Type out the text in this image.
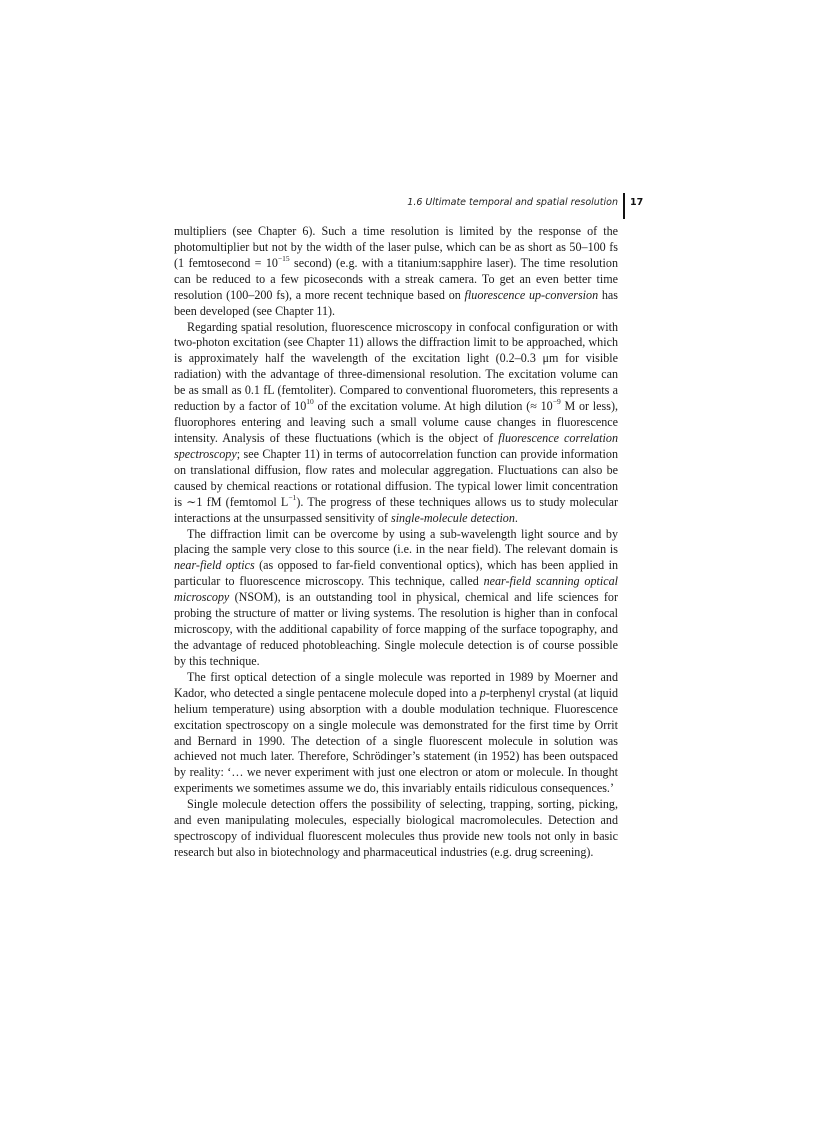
1.6 Ultimate temporal and spatial resolution 17

multipliers (see Chapter 6). Such a time resolution is limited by the response of the photomultiplier but not by the width of the laser pulse, which can be as short as 50–100 fs (1 femtosecond = $10^{-15}$ second) (e.g. with a titanium:sapphire laser). The time resolution can be reduced to a few picoseconds with a streak camera. To get an even better time resolution (100–200 fs), a more recent technique based on fluorescence up-conversion has been developed (see Chapter 11).

Regarding spatial resolution, fluorescence microscopy in confocal configuration or with two-photon excitation (see Chapter 11) allows the diffraction limit to be approached, which is approximately half the wavelength of the excitation light (0.2–0.3 μm for visible radiation) with the advantage of three-dimensional resolution. The excitation volume can be as small as 0.1 fL (femtoliter). Compared to conventional fluorometers, this represents a reduction by a factor of $10^{10}$ of the excitation volume. At high dilution (≈ $10^{-9}$ M or less), fluorophores entering and leaving such a small volume cause changes in fluorescence intensity. Analysis of these fluctuations (which is the object of fluorescence correlation spectroscopy; see Chapter 11) in terms of autocorrelation function can provide information on translational diffusion, flow rates and molecular aggregation. Fluctuations can also be caused by chemical reactions or rotational diffusion. The typical lower limit concentration is ∼1 fM (femtomol $L^{-1}$). The progress of these techniques allows us to study molecular interactions at the unsurpassed sensitivity of single-molecule detection.

The diffraction limit can be overcome by using a sub-wavelength light source and by placing the sample very close to this source (i.e. in the near field). The relevant domain is near-field optics (as opposed to far-field conventional optics), which has been applied in particular to fluorescence microscopy. This technique, called near-field scanning optical microscopy (NSOM), is an outstanding tool in physical, chemical and life sciences for probing the structure of matter or living systems. The resolution is higher than in confocal microscopy, with the additional capability of force mapping of the surface topography, and the advantage of reduced photobleaching. Single molecule detection is of course possible by this technique.

The first optical detection of a single molecule was reported in 1989 by Moerner and Kador, who detected a single pentacene molecule doped into a p-terphenyl crystal (at liquid helium temperature) using absorption with a double modulation technique. Fluorescence excitation spectroscopy on a single molecule was demonstrated for the first time by Orrit and Bernard in 1990. The detection of a single fluorescent molecule in solution was achieved not much later. Therefore, Schrödinger’s statement (in 1952) has been outspaced by reality: ‘… we never experiment with just one electron or atom or molecule. In thought experiments we sometimes assume we do, this invariably entails ridiculous consequences.’

Single molecule detection offers the possibility of selecting, trapping, sorting, picking, and even manipulating molecules, especially biological macromolecules. Detection and spectroscopy of individual fluorescent molecules thus provide new tools not only in basic research but also in biotechnology and pharmaceutical industries (e.g. drug screening).
